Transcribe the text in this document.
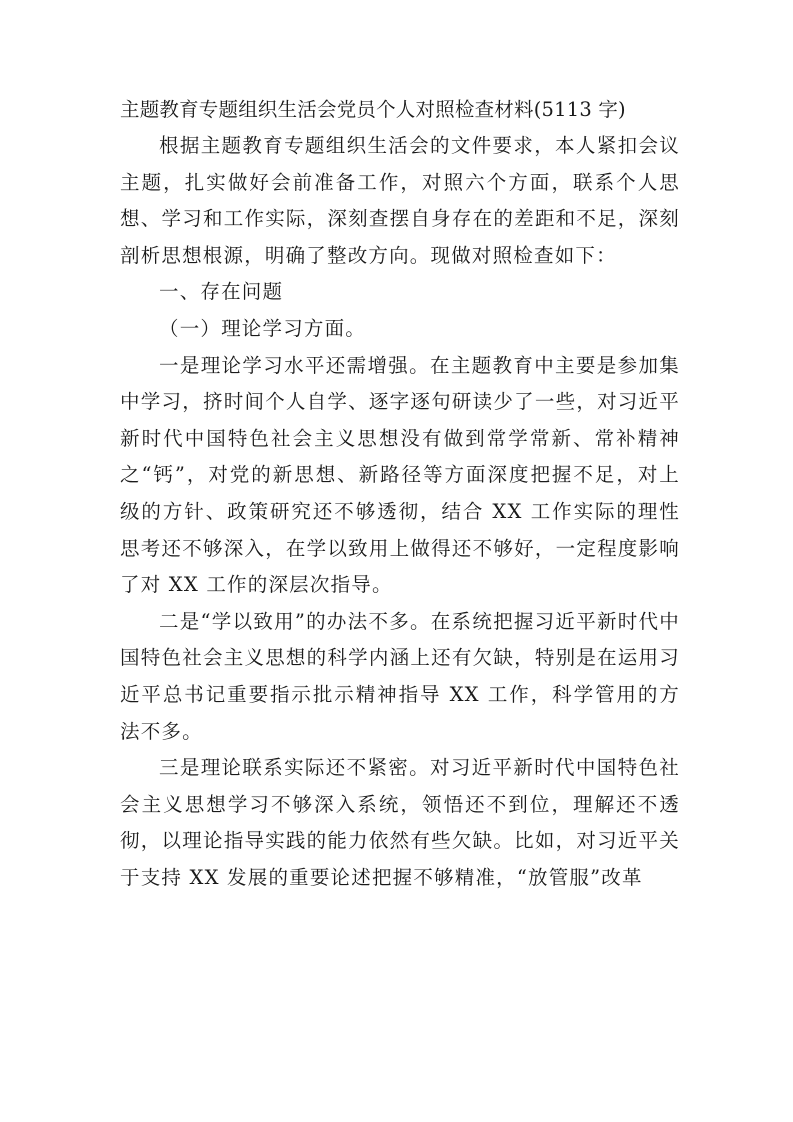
主题教育专题组织生活会党员个人对照检查材料(5113 字)

根据主题教育专题组织生活会的文件要求，本人紧扣会议主题，扎实做好会前准备工作，对照六个方面，联系个人思想、学习和工作实际，深刻查摆自身存在的差距和不足，深刻剖析思想根源，明确了整改方向。现做对照检查如下：

一、存在问题

（一）理论学习方面。

一是理论学习水平还需增强。在主题教育中主要是参加集中学习，挤时间个人自学、逐字逐句研读少了一些，对习近平新时代中国特色社会主义思想没有做到常学常新、常补精神之“钙”，对党的新思想、新路径等方面深度把握不足，对上级的方针、政策研究还不够透彻，结合 XX 工作实际的理性思考还不够深入，在学以致用上做得还不够好，一定程度影响了对 XX 工作的深层次指导。

二是“学以致用”的办法不多。在系统把握习近平新时代中国特色社会主义思想的科学内涵上还有欠缺，特别是在运用习近平总书记重要指示批示精神指导 XX 工作，科学管用的方法不多。

三是理论联系实际还不紧密。对习近平新时代中国特色社会主义思想学习不够深入系统，领悟还不到位，理解还不透彻，以理论指导实践的能力依然有些欠缺。比如，对习近平关于支持 XX 发展的重要论述把握不够精准，“放管服”改革
